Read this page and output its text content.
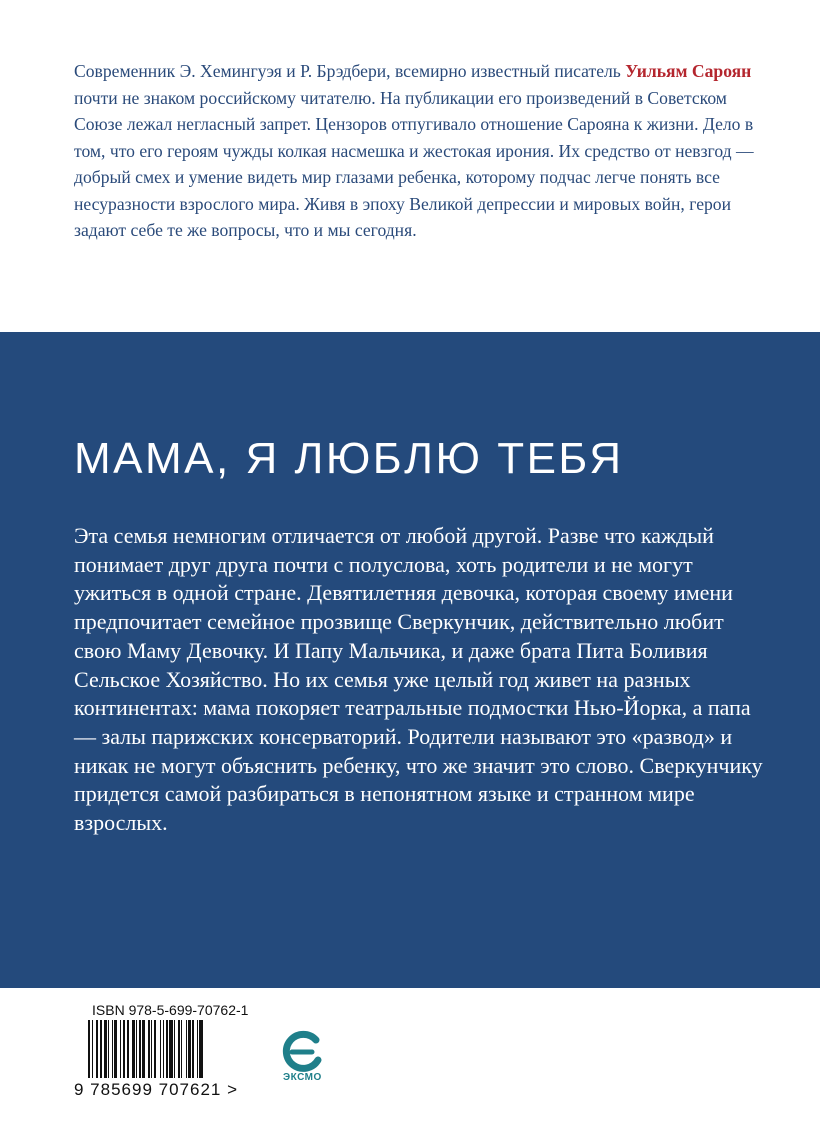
Современник Э. Хемингуэя и Р. Брэдбери, всемирно известный писатель Уильям Сароян почти не знаком российскому читателю. На публикации его произведений в Советском Союзе лежал негласный запрет. Цензоров отпугивало отношение Сарояна к жизни. Дело в том, что его героям чужды колкая насмешка и жестокая ирония. Их средство от невзгод — добрый смех и умение видеть мир глазами ребенка, которому подчас легче понять все несуразности взрослого мира. Живя в эпоху Великой депрессии и мировых войн, герои задают себе те же вопросы, что и мы сегодня.

МАМА, Я ЛЮБЛЮ ТЕБЯ

Эта семья немногим отличается от любой другой. Разве что каждый понимает друг друга почти с полуслова, хоть родители и не могут ужиться в одной стране. Девятилетняя девочка, которая своему имени предпочитает семейное прозвище Сверкунчик, действительно любит свою Маму Девочку. И Папу Мальчика, и даже брата Пита Боливия Сельское Хозяйство. Но их семья уже целый год живет на разных континентах: мама покоряет театральные подмостки Нью-Йорка, а папа — залы парижских консерваторий. Родители называют это «развод» и никак не могут объяснить ребенку, что же значит это слово. Сверкунчику придется самой разбираться в непонятном языке и странном мире взрослых.

ISBN 978-5-699-70762-1
9 785699 707621 >
ЭКСМО
